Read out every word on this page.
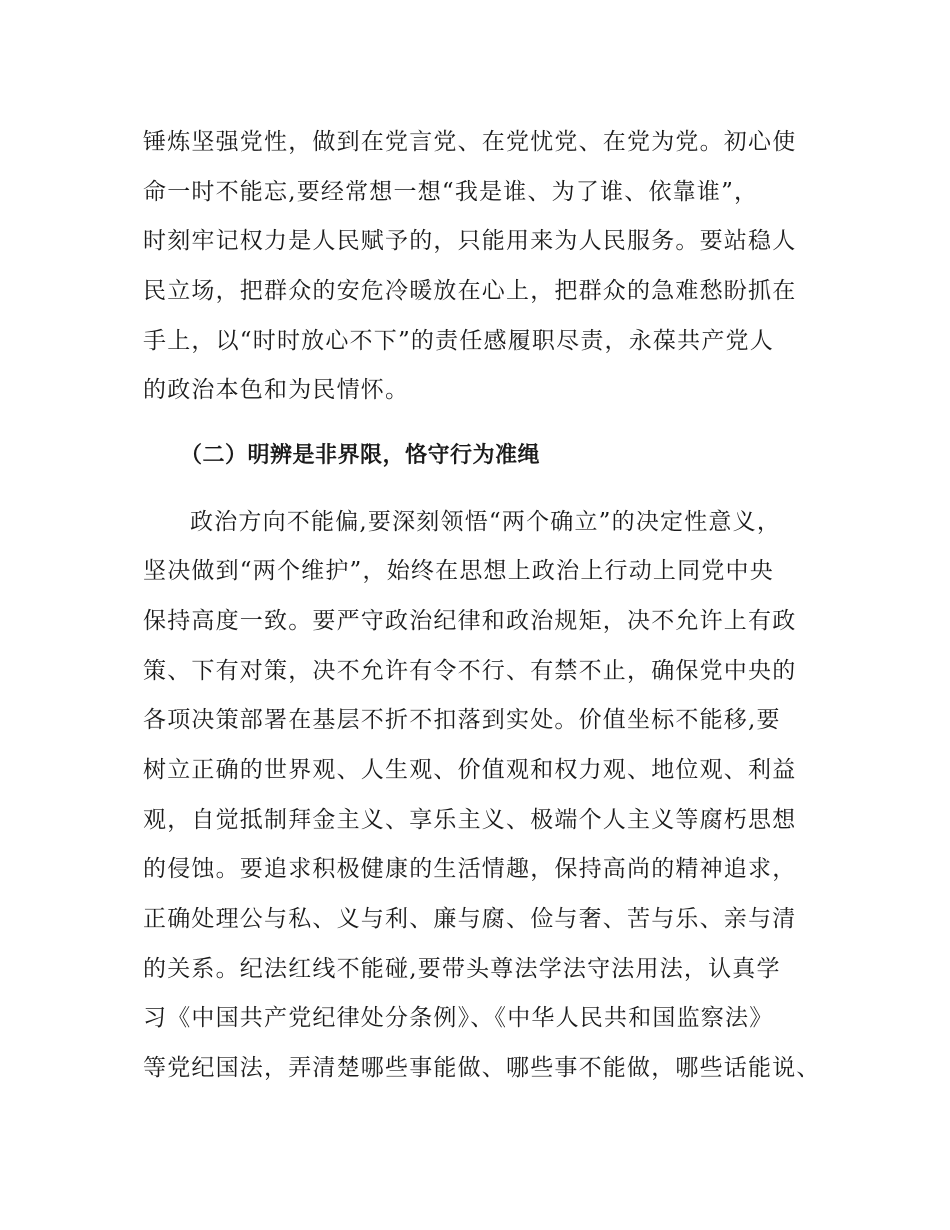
锤炼坚强党性，做到在党言党、在党忧党、在党为党。初心使
命一时不能忘,要经常想一想“我是谁、为了谁、依靠谁”，
时刻牢记权力是人民赋予的，只能用来为人民服务。要站稳人
民立场，把群众的安危冷暖放在心上，把群众的急难愁盼抓在
手上，以“时时放心不下”的责任感履职尽责，永葆共产党人
的政治本色和为民情怀。
（二）明辨是非界限，恪守行为准绳
政治方向不能偏,要深刻领悟“两个确立”的决定性意义，
坚决做到“两个维护”，始终在思想上政治上行动上同党中央
保持高度一致。要严守政治纪律和政治规矩，决不允许上有政
策、下有对策，决不允许有令不行、有禁不止，确保党中央的
各项决策部署在基层不折不扣落到实处。价值坐标不能移,要
树立正确的世界观、人生观、价值观和权力观、地位观、利益
观，自觉抵制拜金主义、享乐主义、极端个人主义等腐朽思想
的侵蚀。要追求积极健康的生活情趣，保持高尚的精神追求，
正确处理公与私、义与利、廉与腐、俭与奢、苦与乐、亲与清
的关系。纪法红线不能碰,要带头尊法学法守法用法，认真学
习《中国共产党纪律处分条例》、《中华人民共和国监察法》
等党纪国法，弄清楚哪些事能做、哪些事不能做，哪些话能说、
